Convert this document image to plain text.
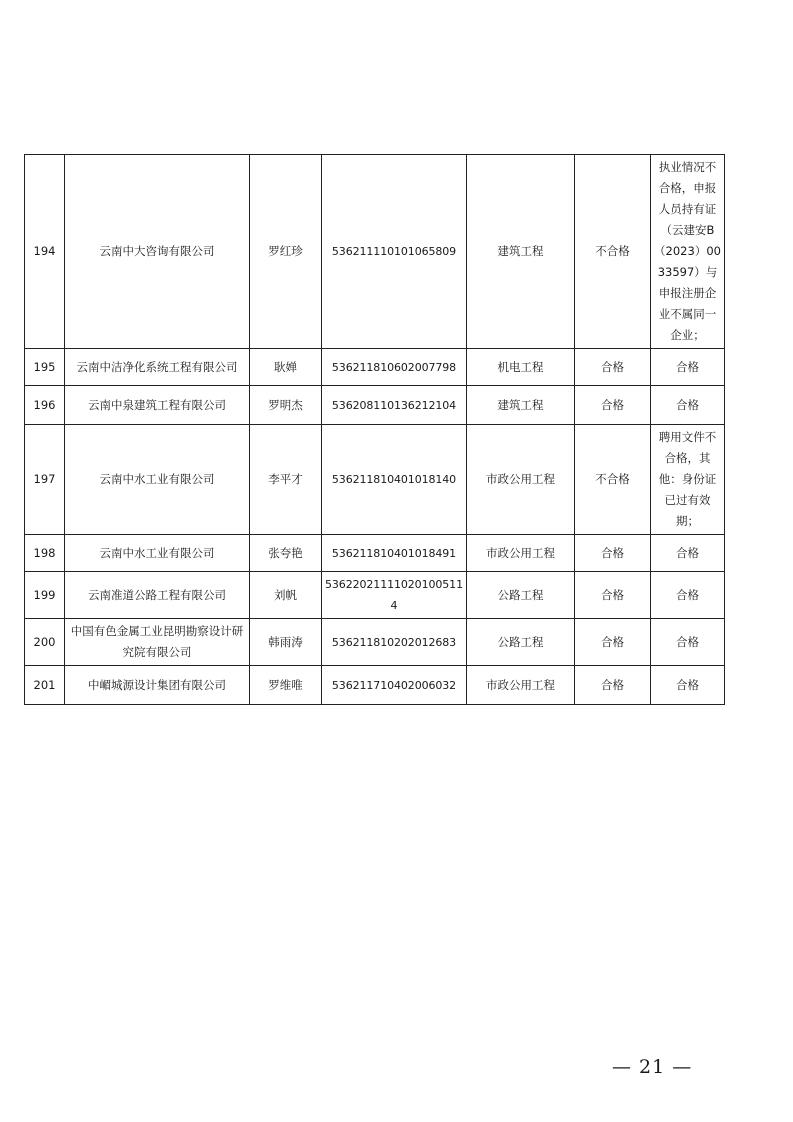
194	云南中大咨询有限公司	罗红珍	536211110101065809	建筑工程	不合格	执业情况不合格，申报人员持有证（云建安B（2023）0033597）与申报注册企业不属同一企业；
195	云南中洁净化系统工程有限公司	耿婵	536211810602007798	机电工程	合格	合格
196	云南中泉建筑工程有限公司	罗明杰	536208110136212104	建筑工程	合格	合格
197	云南中水工业有限公司	李平才	536211810401018140	市政公用工程	不合格	聘用文件不合格，其他：身份证已过有效期；
198	云南中水工业有限公司	张夸艳	536211810401018491	市政公用工程	合格	合格
199	云南准道公路工程有限公司	刘帆	5362202111102010051​14	公路工程	合格	合格
200	中国有色金属工业昆明勘察设计研究院有限公司	韩雨涛	536211810202012683	公路工程	合格	合格
201	中嵋城源设计集团有限公司	罗维唯	536211710402006032	市政公用工程	合格	合格
— 21 —
